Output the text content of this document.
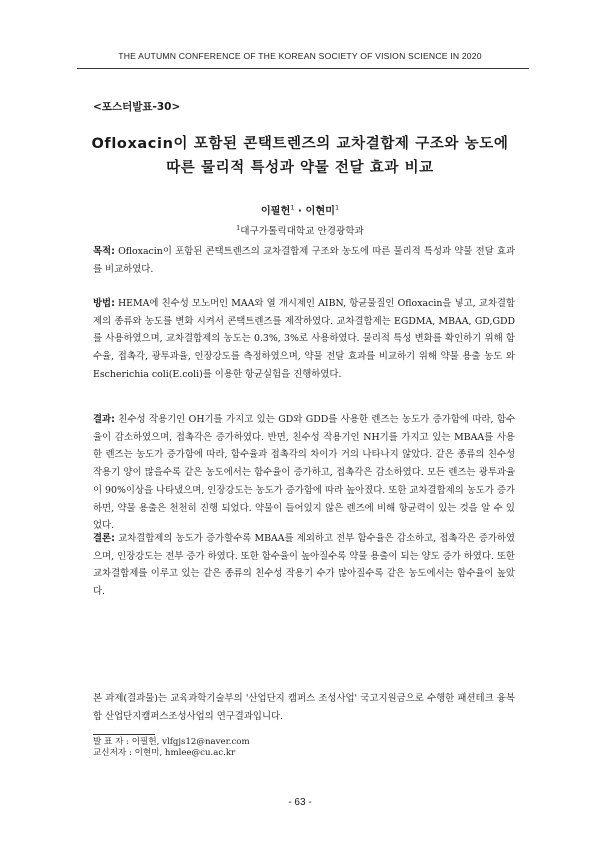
THE AUTUMN CONFERENCE OF THE KOREAN SOCIETY OF VISION SCIENCE IN 2020
<포스터발표-30>
Ofloxacin이 포함된 콘택트렌즈의 교차결합제 구조와 농도에
따른 물리적 특성과 약물 전달 효과 비교
이필헌$^1$ · 이현미$^1$
$^1$대구가톨릭대학교 안경광학과
목적: Ofloxacin이 포함된 콘택트렌즈의 교차결합제 구조와 농도에 따른 물리적 특성과 약물 전달 효과를 비교하였다.
방법: HEMA에 친수성 모노머인 MAA와 열 개시제인 AIBN, 항균물질인 Ofloxacin을 넣고, 교차결합제의 종류와 농도를 변화 시켜서 콘택트렌즈를 제작하였다. 교차결합제는 EGDMA, MBAA, GD,GDD를 사용하였으며, 교차결합제의 농도는 0.3%, 3%로 사용하였다. 물리적 특성 변화를 확인하기 위해 함수율, 접촉각, 광투과율, 인장강도를 측정하였으며, 약물 전달 효과를 비교하기 위해 약물 용출 농도 와 Escherichia coli(E.coli)를 이용한 항균실험을 진행하였다.
결과: 친수성 작용기인 OH기를 가지고 있는 GD와 GDD를 사용한 렌즈는 농도가 증가함에 따라, 함수율이 감소하였으며, 접촉각은 증가하였다. 반면, 친수성 작용기인 NH기를 가지고 있는 MBAA를 사용한 렌즈는 농도가 증가함에 따라, 함수율과 접촉각의 차이가 거의 나타나지 않았다. 같은 종류의 친수성 작용기 양이 많을수록 같은 농도에서는 함수율이 증가하고, 접촉각은 감소하였다. 모든 렌즈는 광투과율이 90%이상을 나타냈으며, 인장강도는 농도가 증가함에 따라 높아졌다. 또한 교차결합제의 농도가 증가하면, 약물 용출은 천천히 진행 되었다. 약물이 들어있지 않은 렌즈에 비해 항균력이 있는 것을 알 수 있었다.
결론: 교차결합제의 농도가 증가할수록 MBAA를 제외하고 전부 함수율은 감소하고, 접촉각은 증가하였으며, 인장강도는 전부 증가 하였다. 또한 함수율이 높아질수록 약물 용출이 되는 양도 증가 하였다. 또한 교차결합제를 이루고 있는 같은 종류의 친수성 작용기 수가 많아질수록 같은 농도에서는 함수율이 높았다.
본 과제(결과물)는 교육과학기술부의 '산업단지 캠퍼스 조성사업' 국고지원금으로 수행한 패션테크 융복합 산업단지캠퍼스조성사업의 연구결과입니다.
발 표 자 : 이필헌, vlfgjs12@naver.com
교신저자 : 이현미, hmlee@cu.ac.kr
- 63 -
